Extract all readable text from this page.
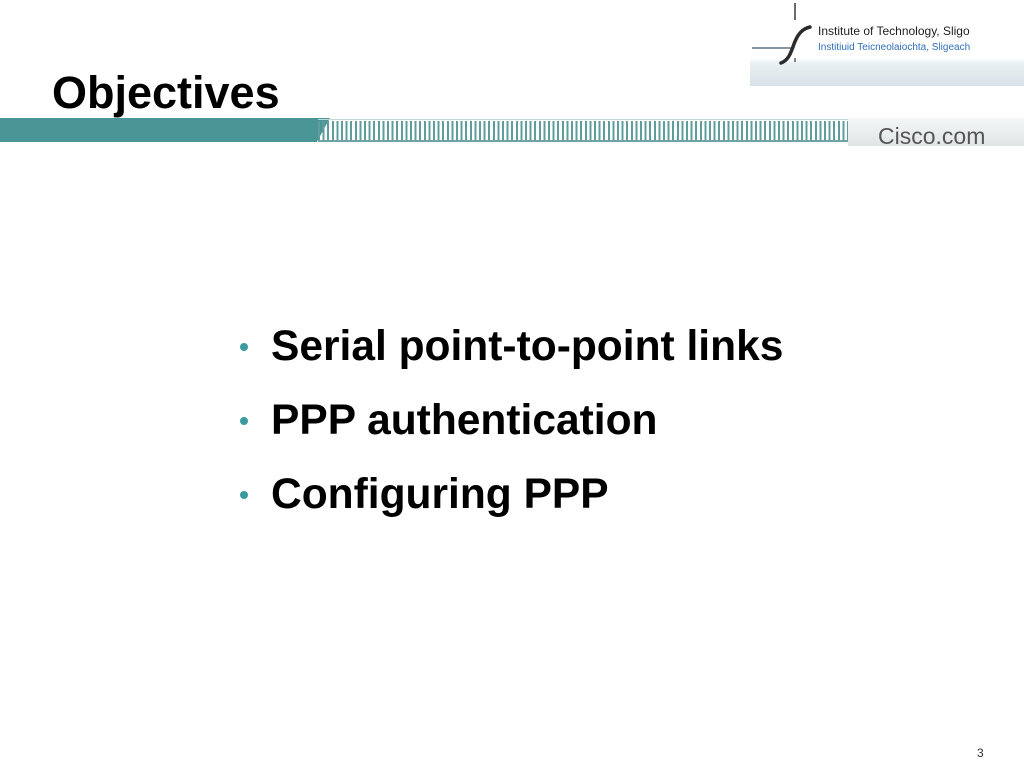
Institute of Technology, Sligo
Institiuid Teicneolaiochta, Sligeach
Objectives
Cisco.com
Serial point-to-point links
PPP authentication
Configuring PPP
3
